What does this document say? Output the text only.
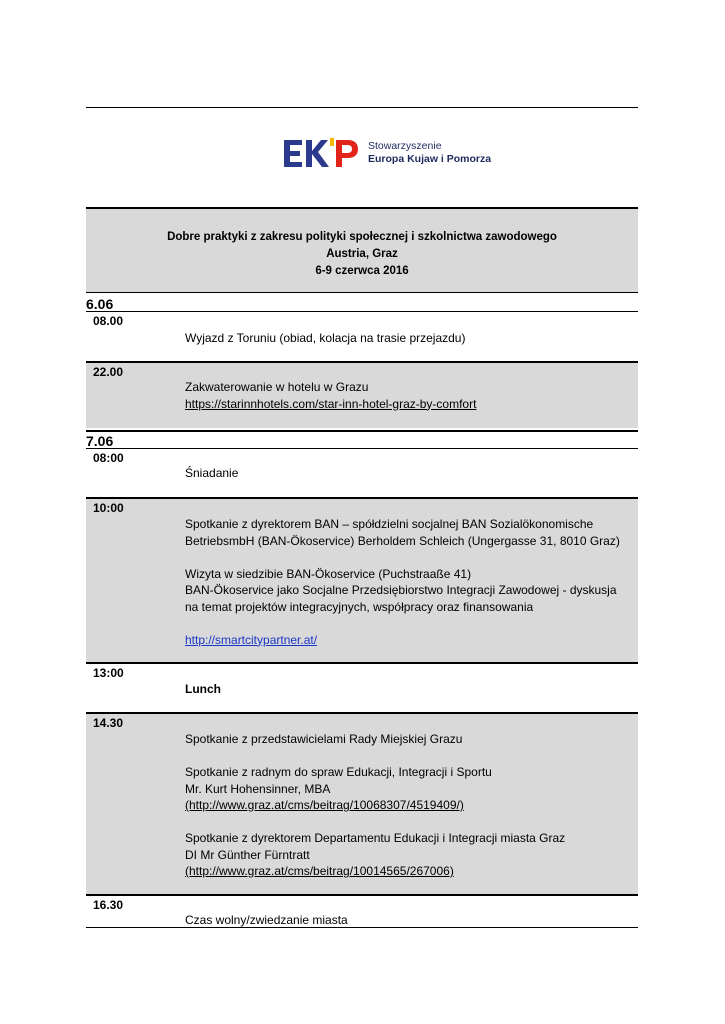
Stowarzyszenie
Europa Kujaw i Pomorza
Dobre praktyki z zakresu polityki społecznej i szkolnictwa zawodowego
Austria, Graz
6-9 czerwca 2016
6.06
08.00

Wyjazd z Toruniu (obiad, kolacja na trasie przejazdu)

22.00

Zakwaterowanie w hotelu w Grazu

https://starinnhotels.com/star-inn-hotel-graz-by-comfort

7.06
08:00

Śniadanie

10:00

Spotkanie z dyrektorem BAN – spółdzielni socjalnej BAN Sozialökonomische

BetriebsmbH (BAN-Ökoservice) Berholdem Schleich (Ungergasse 31, 8010 Graz)

Wizyta w siedzibie BAN-Ökoservice (Puchstraaße 41)

BAN-Ökoservice jako Socjalne Przedsiębiorstwo Integracji Zawodowej - dyskusja

na temat projektów integracyjnych, współpracy oraz finansowania

http://smartcitypartner.at/

13:00

Lunch

14.30

Spotkanie z przedstawicielami Rady Miejskiej Grazu

Spotkanie z radnym do spraw Edukacji, Integracji i Sportu

Mr. Kurt Hohensinner, MBA

(http://www.graz.at/cms/beitrag/10068307/4519409/)

Spotkanie z dyrektorem Departamentu Edukacji i Integracji miasta Graz

DI Mr Günther Fürntratt

(http://www.graz.at/cms/beitrag/10014565/267006)

16.30

Czas wolny/zwiedzanie miasta
